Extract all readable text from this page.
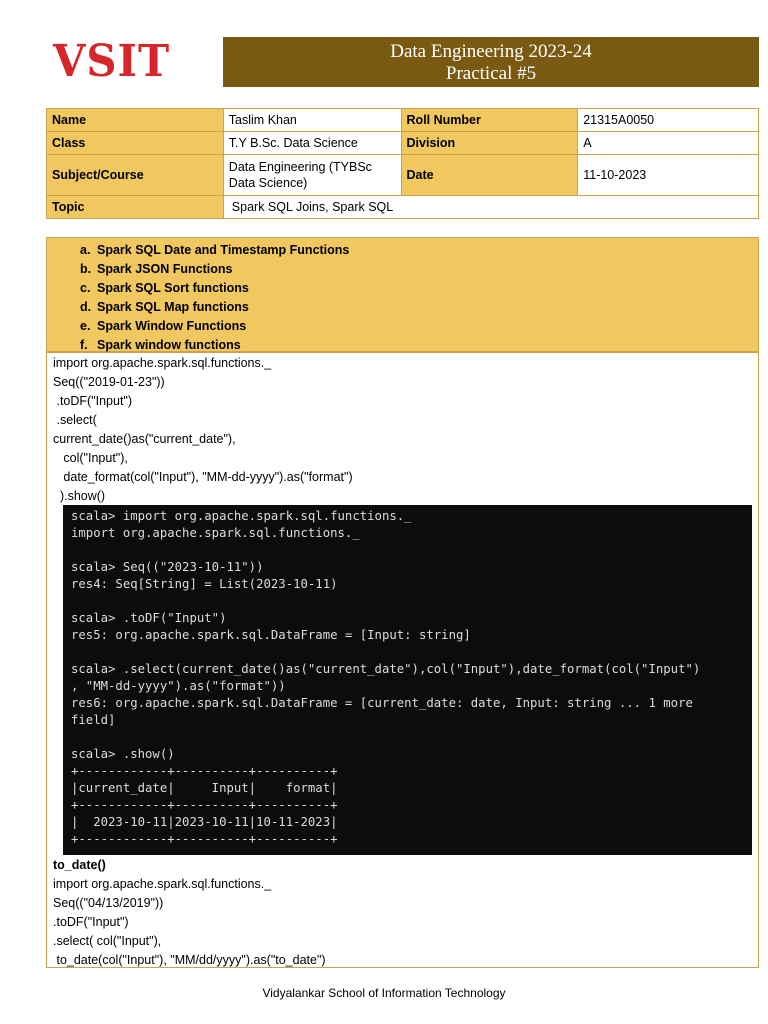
VSIT	Data Engineering 2023-24
Practical #5
Name	Taslim Khan	Roll Number	21315A0050
Class	T.Y B.Sc. Data Science	Division	A
Subject/Course	Data Engineering (TYBSc Data Science)	Date	11-10-2023
Topic	Spark SQL Joins, Spark SQL		
a. Spark SQL Date and Timestamp Functions
b. Spark JSON Functions
c. Spark SQL Sort functions
d. Spark SQL Map functions
e. Spark Window Functions
f. Spark window functions
import org.apache.spark.sql.functions._
Seq(("2019-01-23"))
.toDF("Input")
.select(
current_date()as("current_date"),
col("Input"),
date_format(col("Input"), "MM-dd-yyyy").as("format")
).show()
scala> import org.apache.spark.sql.functions._
import org.apache.spark.sql.functions._
scala> Seq(("2023-10-11"))
res4: Seq[String] = List(2023-10-11)
scala> .toDF("Input")
res5: org.apache.spark.sql.DataFrame = [Input: string]
scala> .select(current_date()as("current_date"),col("Input"),date_format(col("Input")
, "MM-dd-yyyy").as("format"))
res6: org.apache.spark.sql.DataFrame = [current_date: date, Input: string ... 1 more
field]
scala> .show()
+------------+----------+----------+
|current_date|     Input|    format|
+------------+----------+----------+
|  2023-10-11|2023-10-11|10-11-2023|
+------------+----------+----------+
to_date()
import org.apache.spark.sql.functions._
Seq(("04/13/2019"))
.toDF("Input")
.select( col("Input"),
to_date(col("Input"), "MM/dd/yyyy").as("to_date")
Vidyalankar School of Information Technology
